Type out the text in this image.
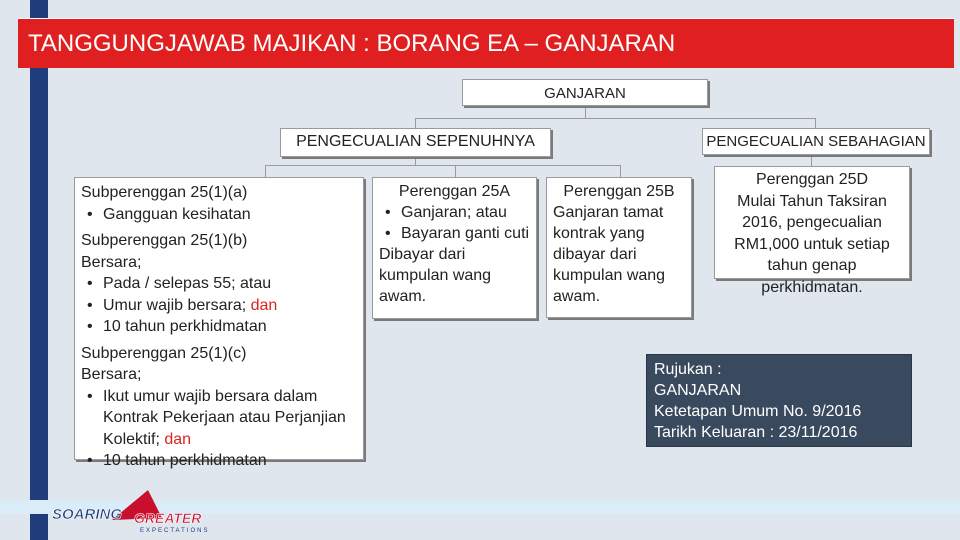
TANGGUNGJAWAB MAJIKAN : BORANG EA – GANJARAN
GANJARAN
PENGECUALIAN SEPENUHNYA	PENGECUALIAN SEBAHAGIAN
Subperenggan 25(1)(a)
• Gangguan kesihatan
Subperenggan 25(1)(b)
Bersara;
• Pada / selepas 55; atau
• Umur wajib bersara; dan
• 10 tahun perkhidmatan
Subperenggan 25(1)(c)
Bersara;
• Ikut umur wajib bersara dalam Kontrak Pekerjaan atau Perjanjian Kolektif; dan
• 10 tahun perkhidmatan
Perenggan 25A
• Ganjaran; atau
• Bayaran ganti cuti
Dibayar dari kumpulan wang awam.
Perenggan 25B
Ganjaran tamat kontrak yang dibayar dari kumpulan wang awam.
Perenggan 25D
Mulai Tahun Taksiran 2016, pengecualian RM1,000 untuk setiap tahun genap perkhidmatan.
Rujukan :
GANJARAN
Ketetapan Umum No. 9/2016
Tarikh Keluaran : 23/11/2016
SOARING GREATER
EXPECTATIONS
